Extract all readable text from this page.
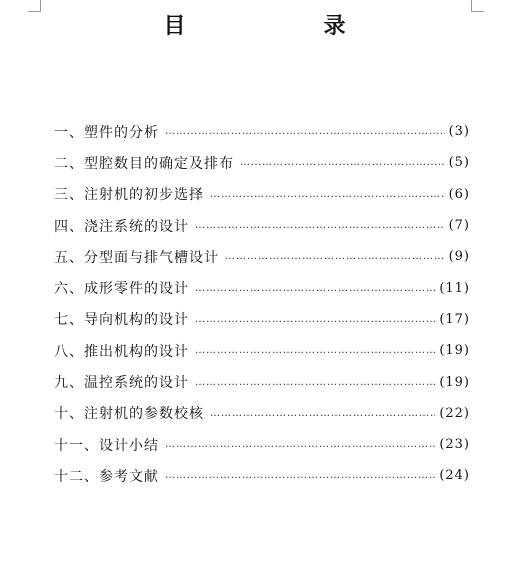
目　录
一、塑件的分析 …………………………………………………………………………………………………………………………………………	(3)
二、型腔数目的确定及排布 …………………………………………………………………………………………………………………………………………	(5)
三、注射机的初步选择 …………………………………………………………………………………………………………………………………………	(6)
四、浇注系统的设计 …………………………………………………………………………………………………………………………………………	(7)
五、分型面与排气槽设计 …………………………………………………………………………………………………………………………………………	(9)
六、成形零件的设计 …………………………………………………………………………………………………………………………………………	(11)
七、导向机构的设计 …………………………………………………………………………………………………………………………………………	(17)
八、推出机构的设计 …………………………………………………………………………………………………………………………………………	(19)
九、温控系统的设计 …………………………………………………………………………………………………………………………………………	(19)
十、注射机的参数校核 …………………………………………………………………………………………………………………………………………	(22)
十一、设计小结 …………………………………………………………………………………………………………………………………………	(23)
十二、参考文献 …………………………………………………………………………………………………………………………………………	(24)
